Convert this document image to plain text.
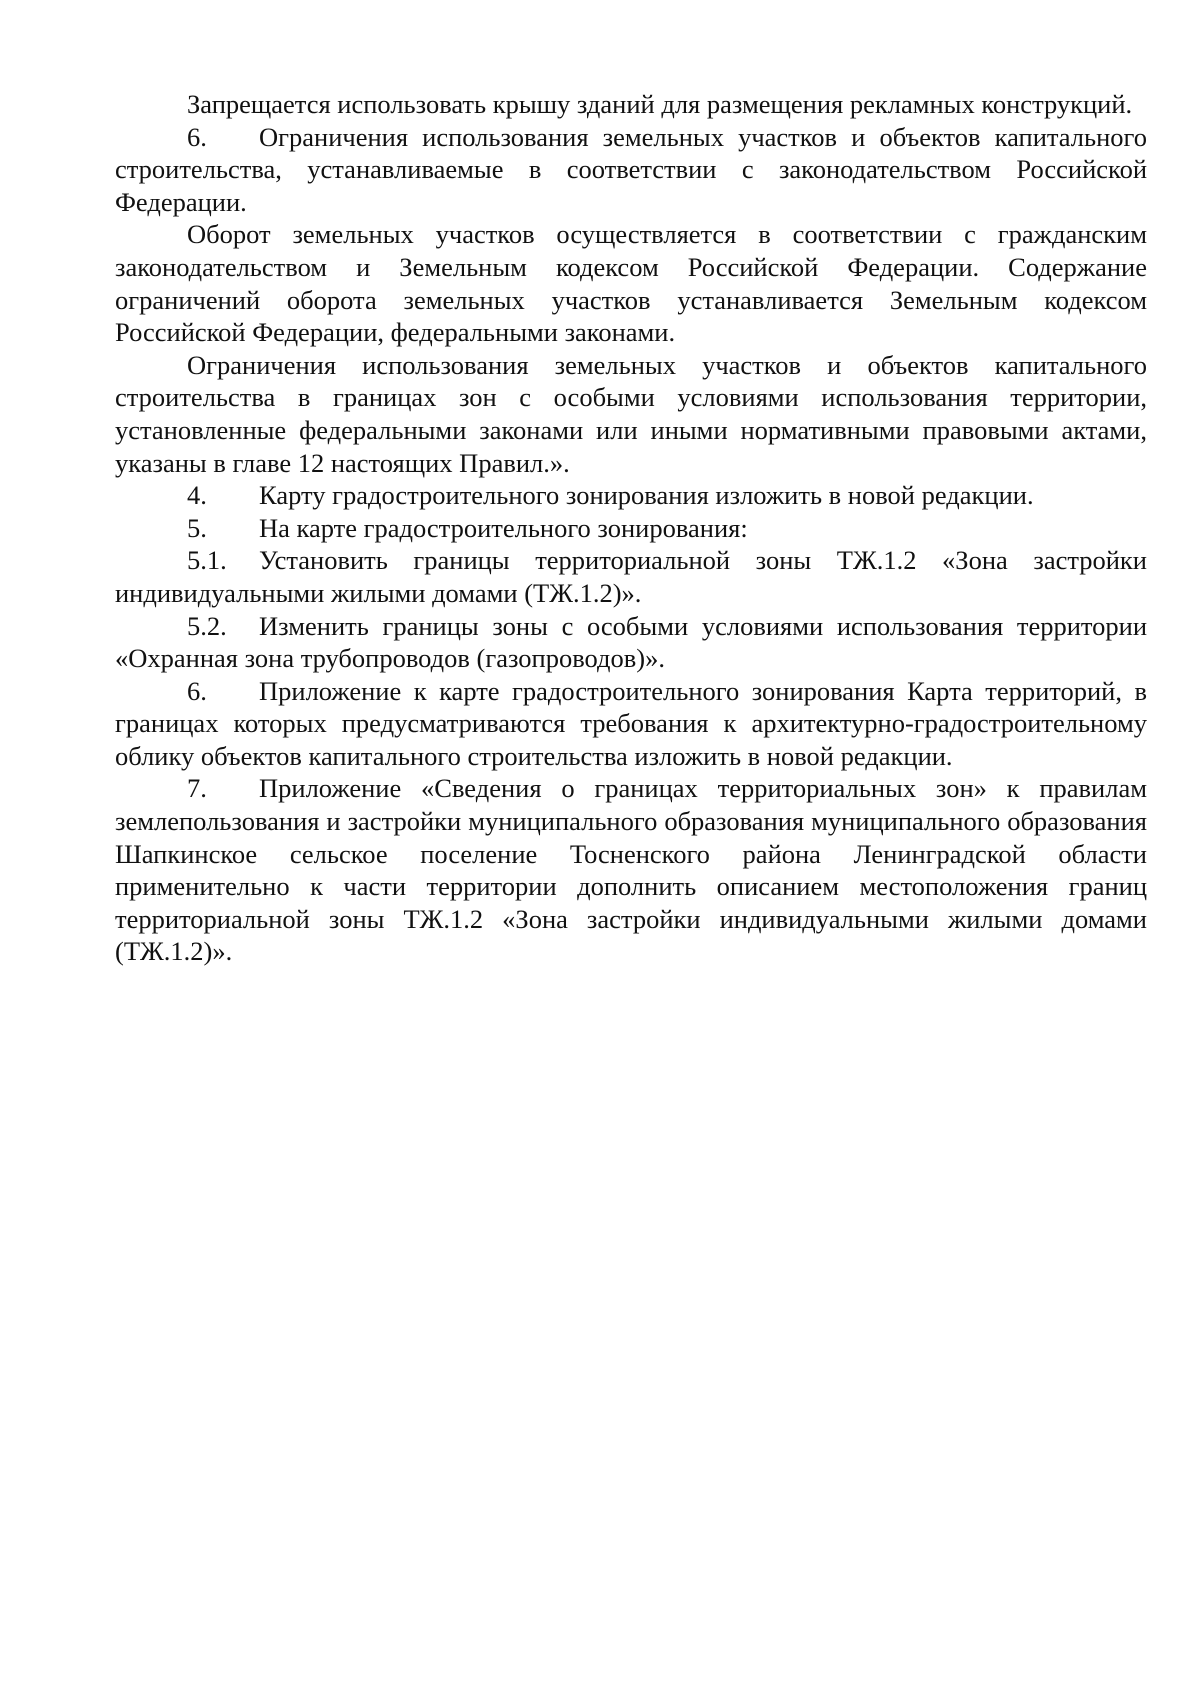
Запрещается использовать крышу зданий для размещения рекламных конструкций.

6. Ограничения использования земельных участков и объектов капитального строительства, устанавливаемые в соответствии с законодательством Российской Федерации.

Оборот земельных участков осуществляется в соответствии с гражданским законодательством и Земельным кодексом Российской Федерации. Содержание ограничений оборота земельных участков устанавливается Земельным кодексом Российской Федерации, федеральными законами.

Ограничения использования земельных участков и объектов капитального строительства в границах зон с особыми условиями использования территории, установленные федеральными законами или иными нормативными правовыми актами, указаны в главе 12 настоящих Правил.».

4. Карту градостроительного зонирования изложить в новой редакции.

5. На карте градостроительного зонирования:

5.1. Установить границы территориальной зоны ТЖ.1.2 «Зона застройки индивидуальными жилыми домами (ТЖ.1.2)».

5.2. Изменить границы зоны с особыми условиями использования территории «Охранная зона трубопроводов (газопроводов)».

6. Приложение к карте градостроительного зонирования Карта территорий, в границах которых предусматриваются требования к архитектурно-градостроительному облику объектов капитального строительства изложить в новой редакции.

7. Приложение «Сведения о границах территориальных зон» к правилам землепользования и застройки муниципального образования муниципального образования Шапкинское сельское поселение Тосненского района Ленинградской области применительно к части территории дополнить описанием местоположения границ территориальной зоны ТЖ.1.2 «Зона застройки индивидуальными жилыми домами (ТЖ.1.2)».
